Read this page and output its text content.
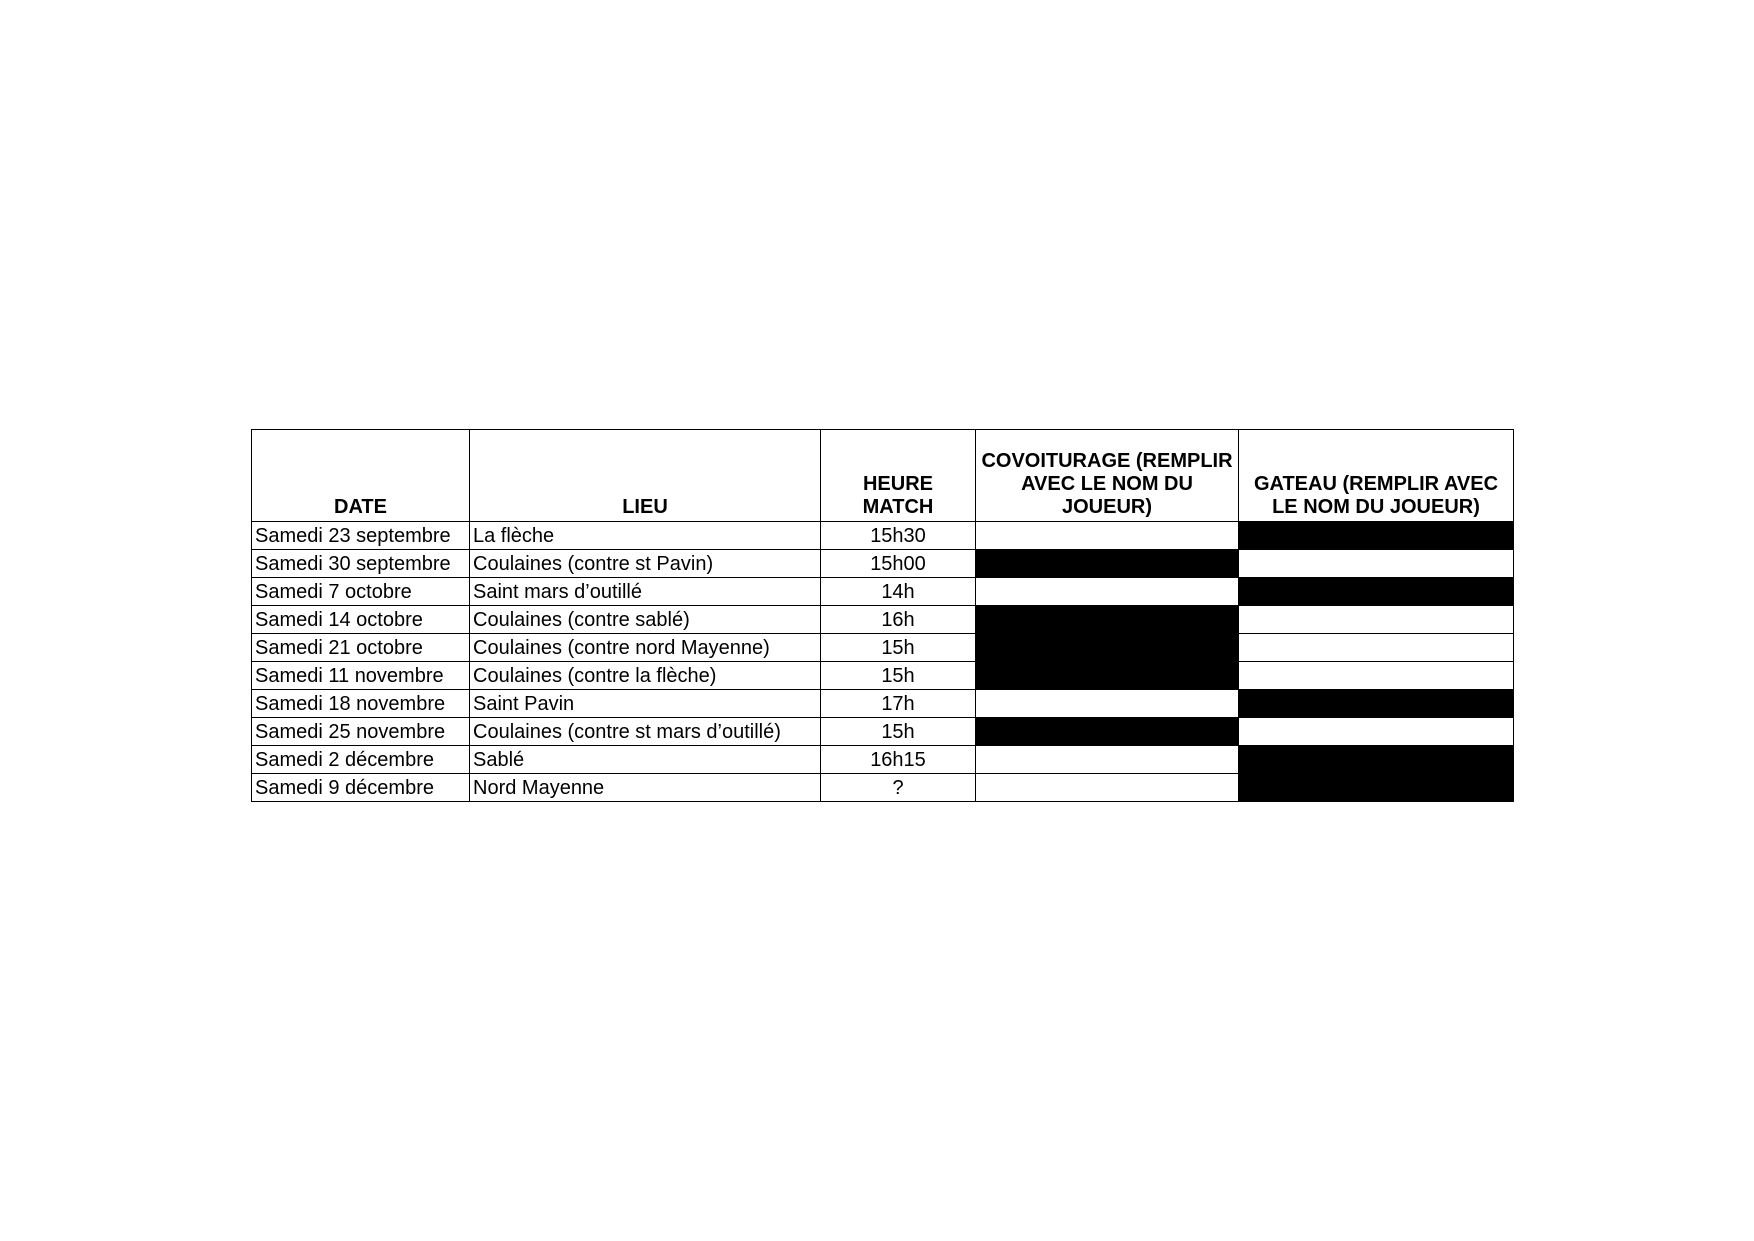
DATE	LIEU	HEURE MATCH	COVOITURAGE (REMPLIR AVEC LE NOM DU JOUEUR)	GATEAU (REMPLIR AVEC LE NOM DU JOUEUR)
Samedi 23 septembre	La flèche	15h30		
Samedi 30 septembre	Coulaines (contre st Pavin)	15h00		
Samedi 7 octobre	Saint mars d’outillé	14h		
Samedi 14 octobre	Coulaines (contre sablé)	16h		
Samedi 21 octobre	Coulaines (contre nord Mayenne)	15h		
Samedi 11 novembre	Coulaines (contre la flèche)	15h		
Samedi 18 novembre	Saint Pavin	17h		
Samedi 25 novembre	Coulaines (contre st mars d’outillé)	15h		
Samedi 2 décembre	Sablé	16h15		
Samedi 9 décembre	Nord Mayenne	?		
